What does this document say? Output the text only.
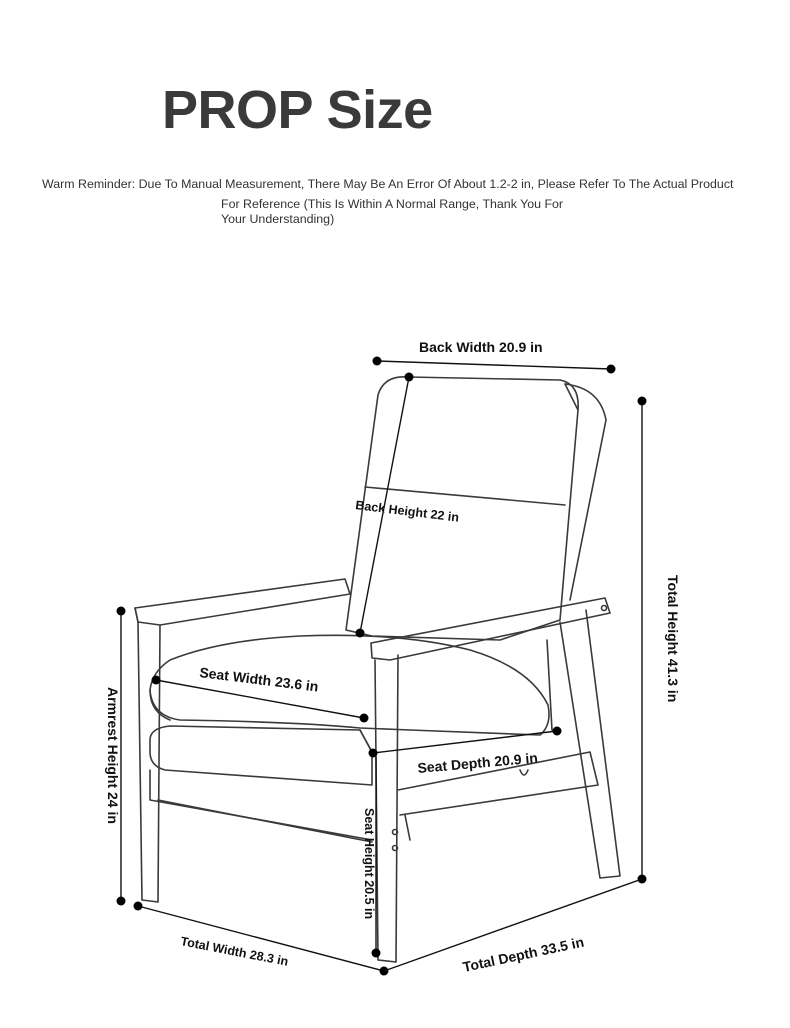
PROP Size
Warm Reminder: Due To Manual Measurement, There May Be An Error Of About 1.2-2 in, Please Refer To The Actual Product
For Reference (This Is Within A Normal Range, Thank You For Your Understanding)
Back Width 20.9 in
Back Height 22 in
Total Height 41.3 in
Armrest Height 24 in
Seat Width 23.6 in
Seat Depth 20.9 in
Seat Height 20.5 in
Total Width 28.3 in	Total Depth 33.5 in
